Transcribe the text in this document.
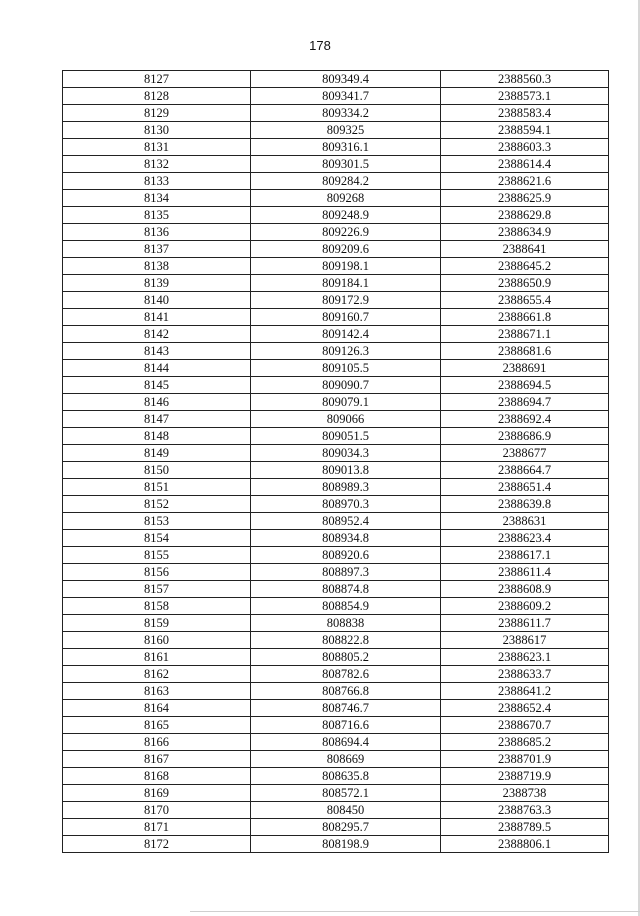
178
8127	809349.4	2388560.3
8128	809341.7	2388573.1
8129	809334.2	2388583.4
8130	809325	2388594.1
8131	809316.1	2388603.3
8132	809301.5	2388614.4
8133	809284.2	2388621.6
8134	809268	2388625.9
8135	809248.9	2388629.8
8136	809226.9	2388634.9
8137	809209.6	2388641
8138	809198.1	2388645.2
8139	809184.1	2388650.9
8140	809172.9	2388655.4
8141	809160.7	2388661.8
8142	809142.4	2388671.1
8143	809126.3	2388681.6
8144	809105.5	2388691
8145	809090.7	2388694.5
8146	809079.1	2388694.7
8147	809066	2388692.4
8148	809051.5	2388686.9
8149	809034.3	2388677
8150	809013.8	2388664.7
8151	808989.3	2388651.4
8152	808970.3	2388639.8
8153	808952.4	2388631
8154	808934.8	2388623.4
8155	808920.6	2388617.1
8156	808897.3	2388611.4
8157	808874.8	2388608.9
8158	808854.9	2388609.2
8159	808838	2388611.7
8160	808822.8	2388617
8161	808805.2	2388623.1
8162	808782.6	2388633.7
8163	808766.8	2388641.2
8164	808746.7	2388652.4
8165	808716.6	2388670.7
8166	808694.4	2388685.2
8167	808669	2388701.9
8168	808635.8	2388719.9
8169	808572.1	2388738
8170	808450	2388763.3
8171	808295.7	2388789.5
8172	808198.9	2388806.1
